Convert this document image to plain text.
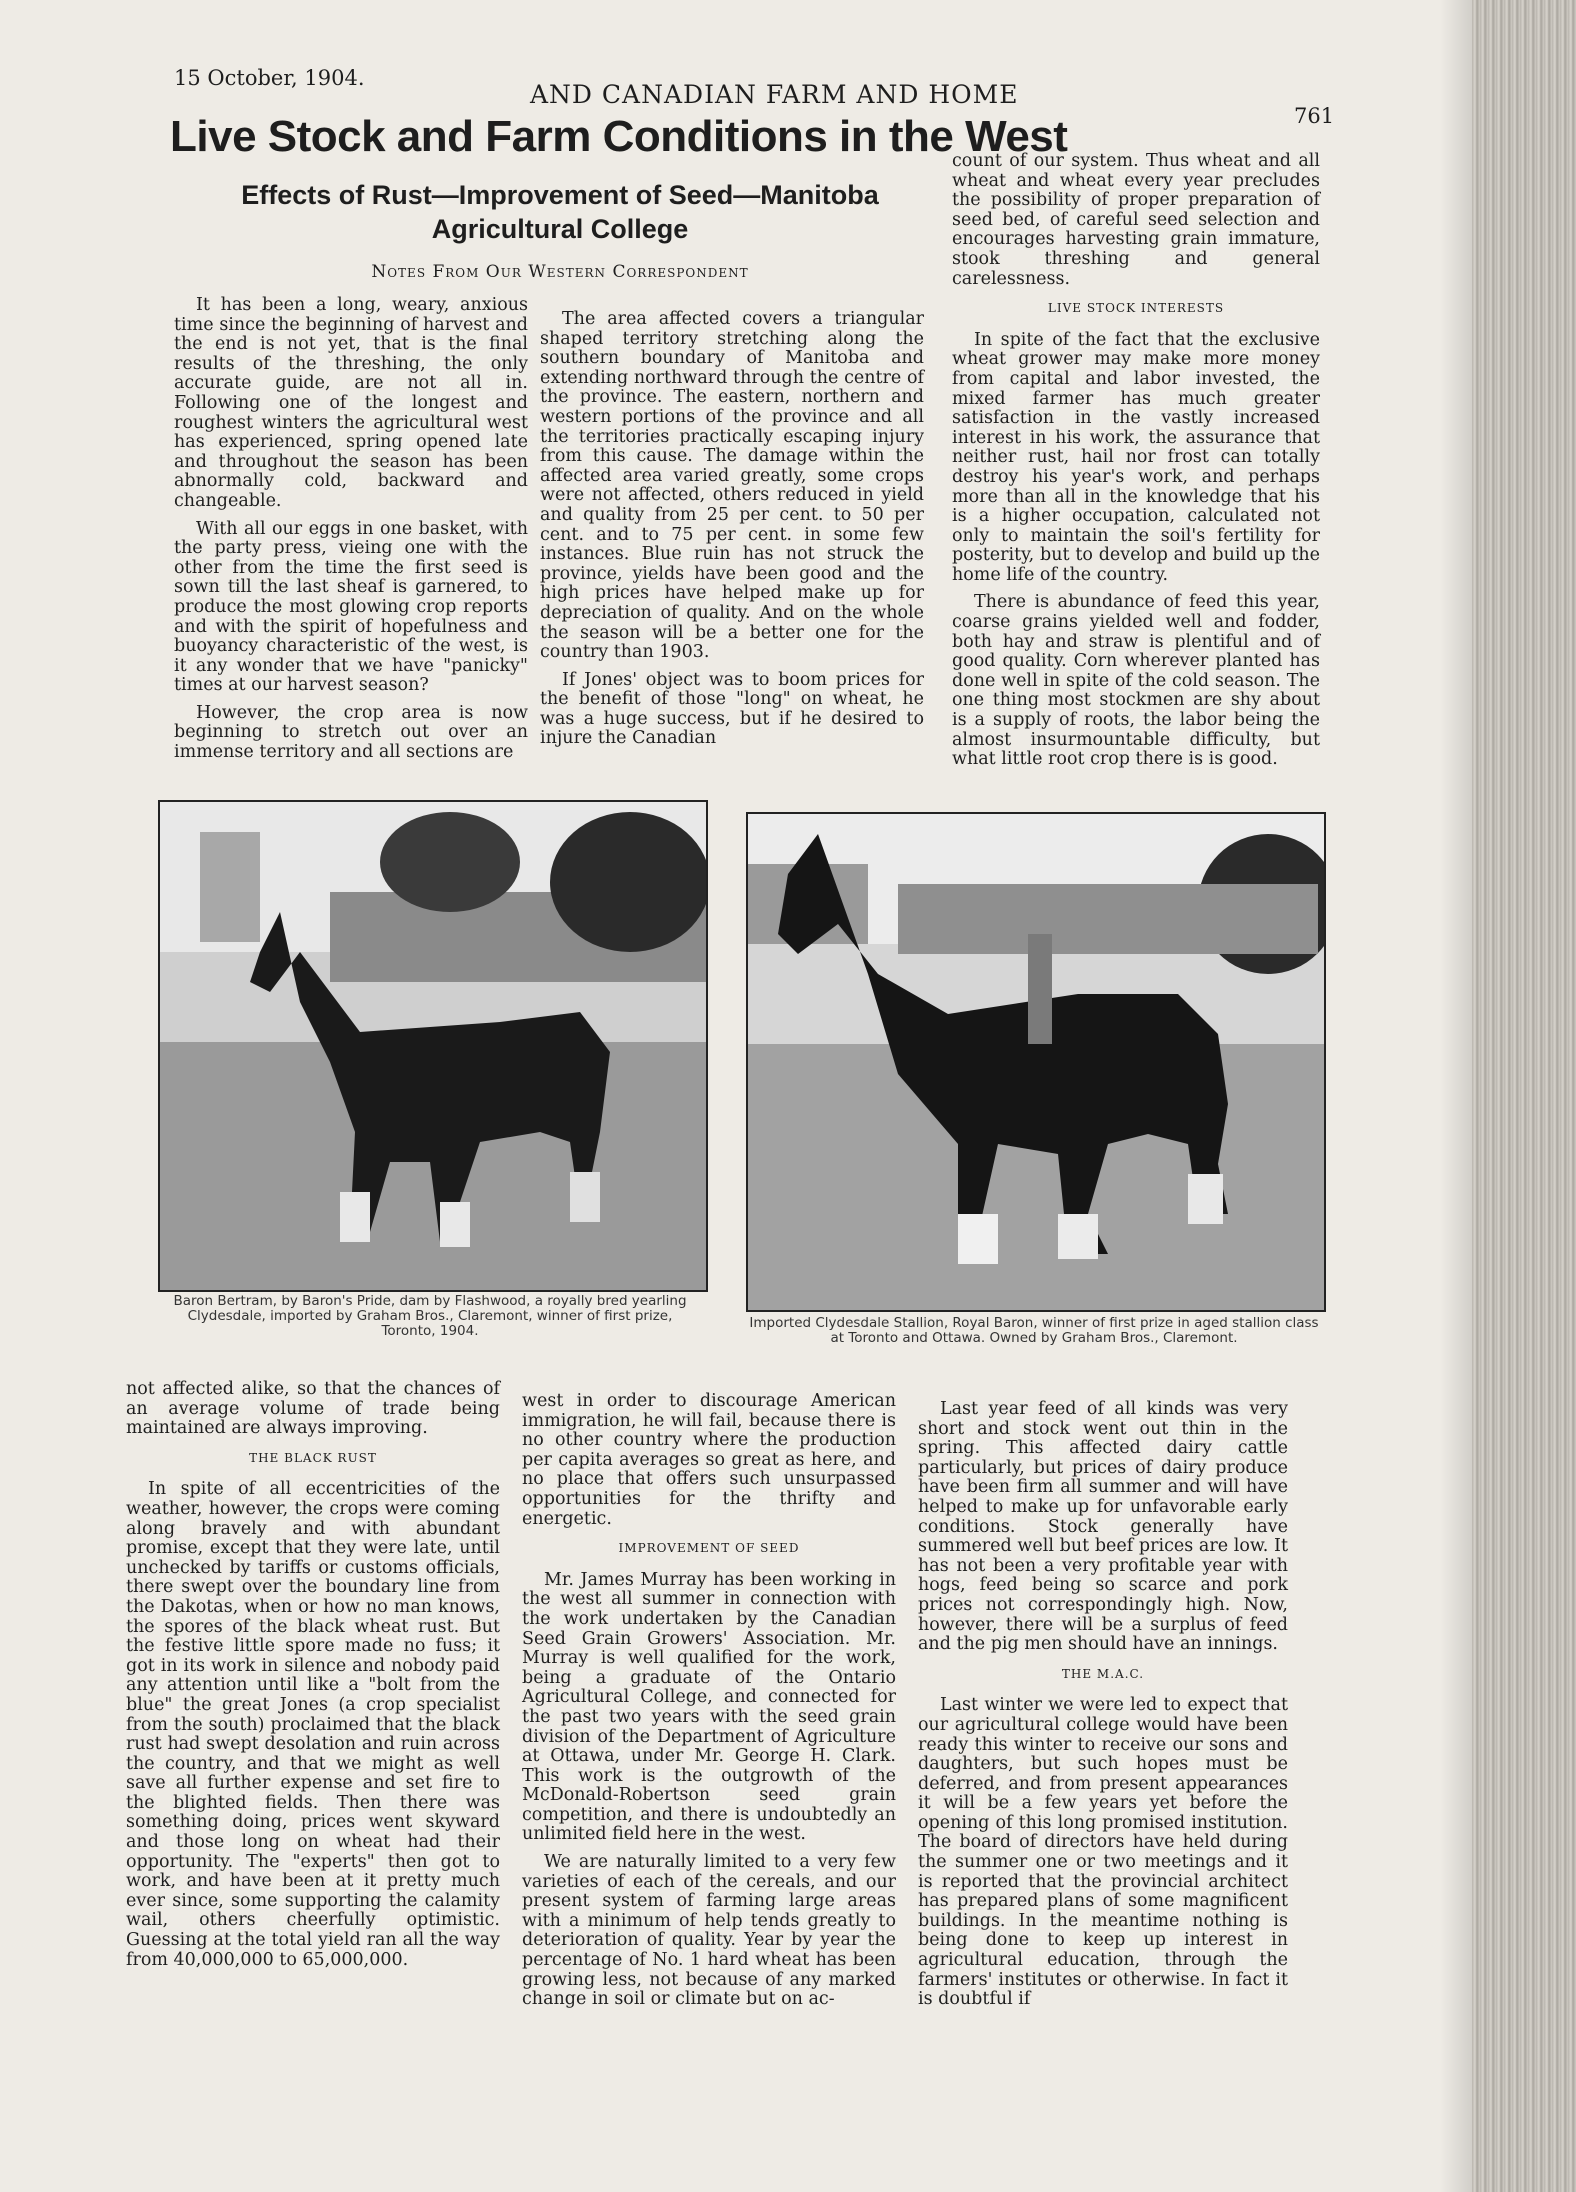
15 October, 1904.
AND CANADIAN FARM AND HOME
761
Live Stock and Farm Conditions in the West
Effects of Rust—Improvement of Seed—Manitoba Agricultural College
Notes From Our Western Correspondent

It has been a long, weary, anxious time since the beginning of harvest and the end is not yet, that is the final results of the threshing, the only accurate guide, are not all in. Following one of the longest and roughest winters the agricultural west has experienced, spring opened late and throughout the season has been abnormally cold, backward and changeable.

With all our eggs in one basket, with the party press, vieing one with the other from the time the first seed is sown till the last sheaf is garnered, to produce the most glowing crop reports and with the spirit of hopefulness and buoyancy characteristic of the west, is it any wonder that we have "panicky" times at our harvest season?

However, the crop area is now beginning to stretch out over an immense territory and all sections are

The area affected covers a triangular shaped territory stretching along the southern boundary of Manitoba and extending northward through the centre of the province. The eastern, northern and western portions of the province and all the territories practically escaping injury from this cause. The damage within the affected area varied greatly, some crops were not affected, others reduced in yield and quality from 25 per cent. to 50 per cent. and to 75 per cent. in some few instances. Blue ruin has not struck the province, yields have been good and the high prices have helped make up for depreciation of quality. And on the whole the season will be a better one for the country than 1903.

If Jones' object was to boom prices for the benefit of those "long" on wheat, he was a huge success, but if he desired to injure the Canadian

count of our system. Thus wheat and all wheat and wheat every year precludes the possibility of proper preparation of seed bed, of careful seed selection and encourages harvesting grain immature, stook threshing and general carelessness.

LIVE STOCK INTERESTS

In spite of the fact that the exclusive wheat grower may make more money from capital and labor invested, the mixed farmer has much greater satisfaction in the vastly increased interest in his work, the assurance that neither rust, hail nor frost can totally destroy his year's work, and perhaps more than all in the knowledge that his is a higher occupation, calculated not only to maintain the soil's fertility for posterity, but to develop and build up the home life of the country.

There is abundance of feed this year, coarse grains yielded well and fodder, both hay and straw is plentiful and of good quality. Corn wherever planted has done well in spite of the cold season. The one thing most stockmen are shy about is a supply of roots, the labor being the almost insurmountable difficulty, but what little root crop there is is good.

Baron Bertram, by Baron's Pride, dam by Flashwood, a royally bred yearling Clydesdale, imported by Graham Bros., Claremont, winner of first prize, Toronto, 1904.	Imported Clydesdale Stallion, Royal Baron, winner of first prize in aged stallion class at Toronto and Ottawa. Owned by Graham Bros., Claremont.

not affected alike, so that the chances of an average volume of trade being maintained are always improving.

THE BLACK RUST

In spite of all eccentricities of the weather, however, the crops were coming along bravely and with abundant promise, except that they were late, until unchecked by tariffs or customs officials, there swept over the boundary line from the Dakotas, when or how no man knows, the spores of the black wheat rust. But the festive little spore made no fuss; it got in its work in silence and nobody paid any attention until like a "bolt from the blue" the great Jones (a crop specialist from the south) proclaimed that the black rust had swept desolation and ruin across the country, and that we might as well save all further expense and set fire to the blighted fields. Then there was something doing, prices went skyward and those long on wheat had their opportunity. The "experts" then got to work, and have been at it pretty much ever since, some supporting the calamity wail, others cheerfully optimistic. Guessing at the total yield ran all the way from 40,000,000 to 65,000,000.

west in order to discourage American immigration, he will fail, because there is no other country where the production per capita averages so great as here, and no place that offers such unsurpassed opportunities for the thrifty and energetic.

IMPROVEMENT OF SEED

Mr. James Murray has been working in the west all summer in connection with the work undertaken by the Canadian Seed Grain Growers' Association. Mr. Murray is well qualified for the work, being a graduate of the Ontario Agricultural College, and connected for the past two years with the seed grain division of the Department of Agriculture at Ottawa, under Mr. George H. Clark. This work is the outgrowth of the McDonald-Robertson seed grain competition, and there is undoubtedly an unlimited field here in the west.

We are naturally limited to a very few varieties of each of the cereals, and our present system of farming large areas with a minimum of help tends greatly to deterioration of quality. Year by year the percentage of No. 1 hard wheat has been growing less, not because of any marked change in soil or climate but on ac-

Last year feed of all kinds was very short and stock went out thin in the spring. This affected dairy cattle particularly, but prices of dairy produce have been firm all summer and will have helped to make up for unfavorable early conditions. Stock generally have summered well but beef prices are low. It has not been a very profitable year with hogs, feed being so scarce and pork prices not correspondingly high. Now, however, there will be a surplus of feed and the pig men should have an innings.

THE M.A.C.

Last winter we were led to expect that our agricultural college would have been ready this winter to receive our sons and daughters, but such hopes must be deferred, and from present appearances it will be a few years yet before the opening of this long promised institution. The board of directors have held during the summer one or two meetings and it is reported that the provincial architect has prepared plans of some magnificent buildings. In the meantime nothing is being done to keep up interest in agricultural education, through the farmers' institutes or otherwise. In fact it is doubtful if
